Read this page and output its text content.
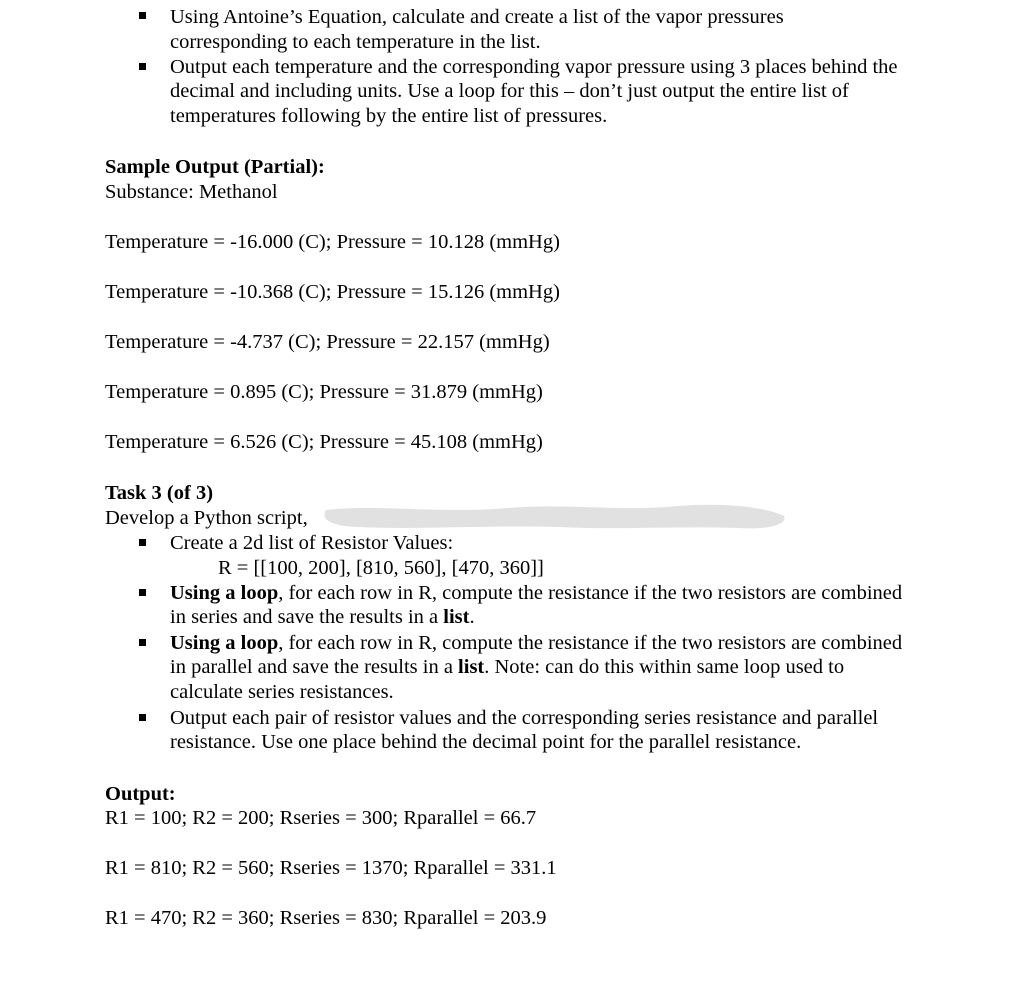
Using Antoine’s Equation, calculate and create a list of the vapor pressures
corresponding to each temperature in the list.
Output each temperature and the corresponding vapor pressure using 3 places behind the
decimal and including units. Use a loop for this – don’t just output the entire list of
temperatures following by the entire list of pressures.
Sample Output (Partial):
Substance: Methanol
Temperature = -16.000 (C); Pressure = 10.128 (mmHg)
Temperature = -10.368 (C); Pressure = 15.126 (mmHg)
Temperature = -4.737 (C); Pressure = 22.157 (mmHg)
Temperature = 0.895 (C); Pressure = 31.879 (mmHg)
Temperature = 6.526 (C); Pressure = 45.108 (mmHg)
Task 3 (of 3)
Develop a Python script,
Create a 2d list of Resistor Values:
R = [[100, 200], [810, 560], [470, 360]]
Using a loop, for each row in R, compute the resistance if the two resistors are combined
in series and save the results in a list.
Using a loop, for each row in R, compute the resistance if the two resistors are combined
in parallel and save the results in a list. Note: can do this within same loop used to
calculate series resistances.
Output each pair of resistor values and the corresponding series resistance and parallel
resistance. Use one place behind the decimal point for the parallel resistance.
Output:
R1 = 100; R2 = 200; Rseries = 300; Rparallel = 66.7
R1 = 810; R2 = 560; Rseries = 1370; Rparallel = 331.1
R1 = 470; R2 = 360; Rseries = 830; Rparallel = 203.9
